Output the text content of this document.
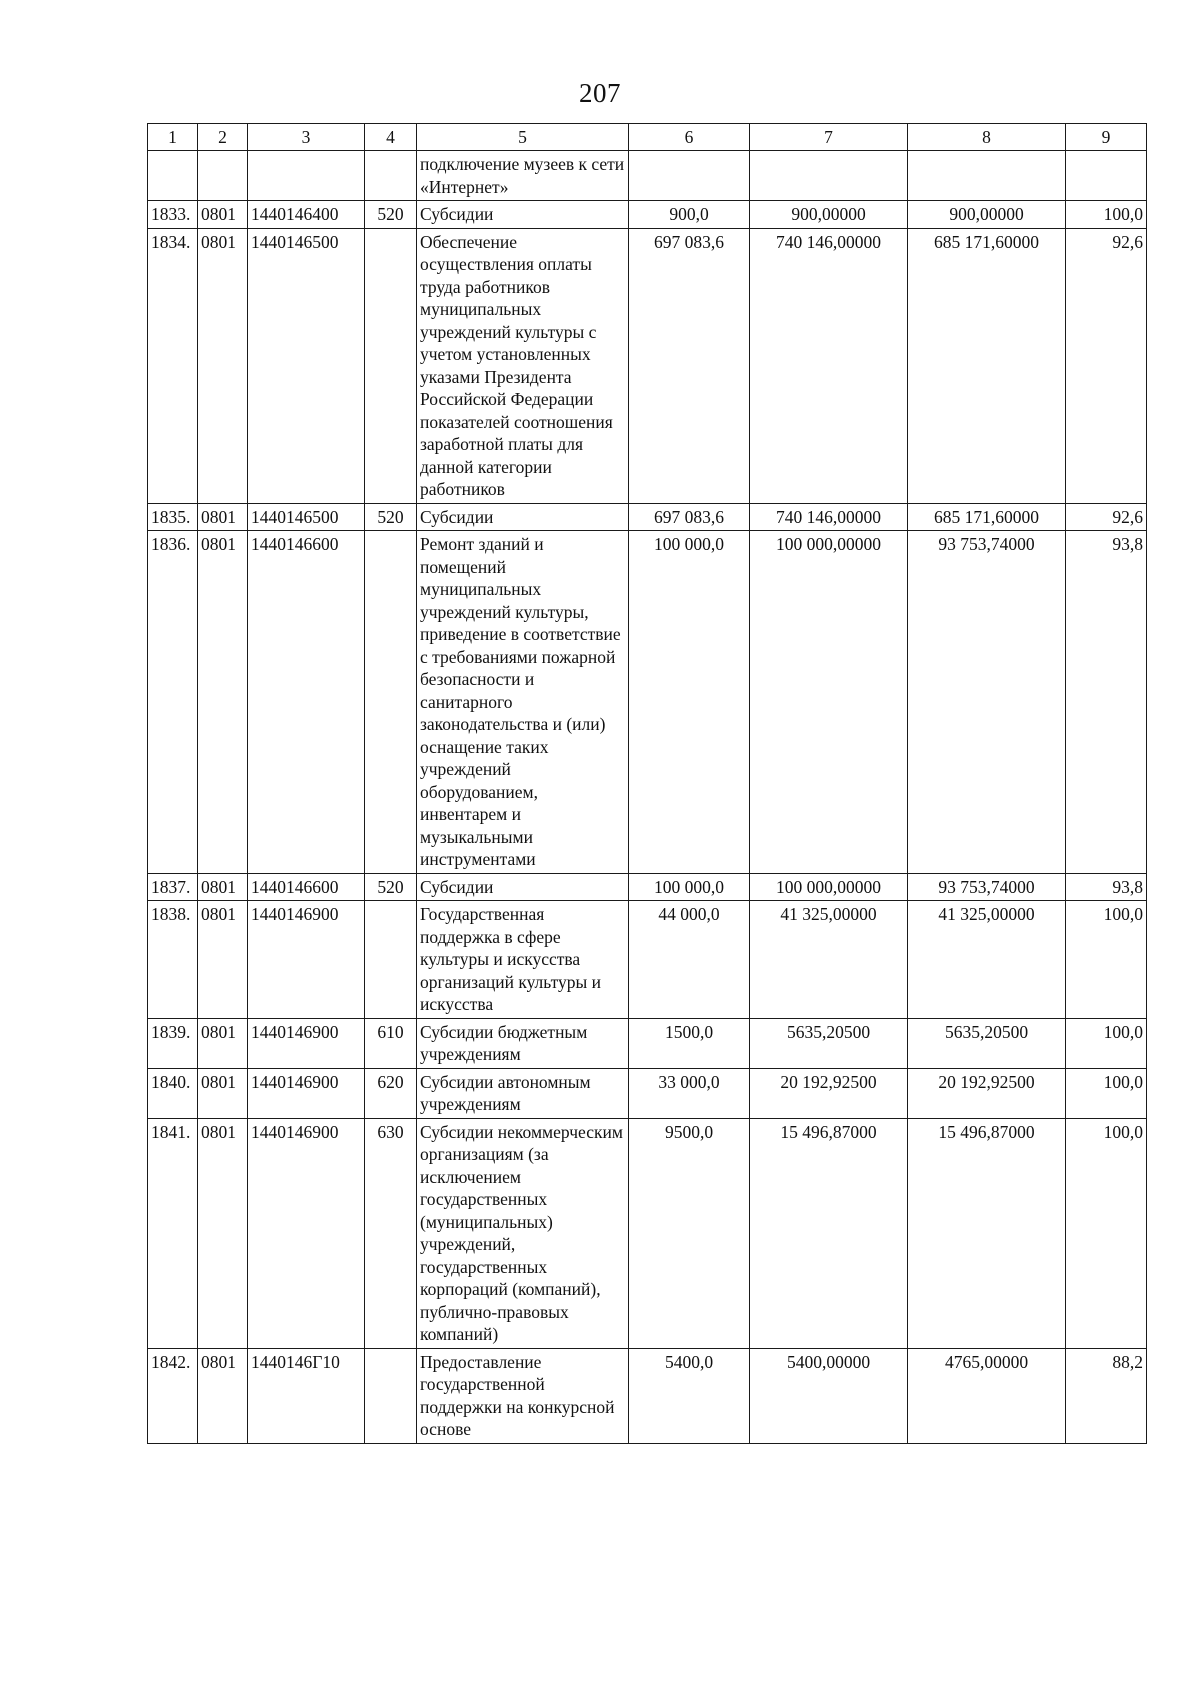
207
1	2	3	4	5	6	7	8	9
				подключение музеев к сети «Интернет»				
1833.	0801	1440146400	520	Субсидии	900,0	900,00000	900,00000	100,0
1834.	0801	1440146500		Обеспечение осуществления оплаты труда работников муниципальных учреждений культуры с учетом установленных указами Президента Российской Федерации показателей соотношения заработной платы для данной категории работников	697 083,6	740 146,00000	685 171,60000	92,6
1835.	0801	1440146500	520	Субсидии	697 083,6	740 146,00000	685 171,60000	92,6
1836.	0801	1440146600		Ремонт зданий и помещений муниципальных учреждений культуры, приведение в соответствие с требованиями пожарной безопасности и санитарного законодательства и (или) оснащение таких учреждений оборудованием, инвентарем и музыкальными инструментами	100 000,0	100 000,00000	93 753,74000	93,8
1837.	0801	1440146600	520	Субсидии	100 000,0	100 000,00000	93 753,74000	93,8
1838.	0801	1440146900		Государственная поддержка в сфере культуры и искусства организаций культуры и искусства	44 000,0	41 325,00000	41 325,00000	100,0
1839.	0801	1440146900	610	Субсидии бюджетным учреждениям	1500,0	5635,20500	5635,20500	100,0
1840.	0801	1440146900	620	Субсидии автономным учреждениям	33 000,0	20 192,92500	20 192,92500	100,0
1841.	0801	1440146900	630	Субсидии некоммерческим организациям (за исключением государственных (муниципальных) учреждений, государственных корпораций (компаний), публично-правовых компаний)	9500,0	15 496,87000	15 496,87000	100,0
1842.	0801	1440146Г10		Предоставление государственной поддержки на конкурсной основе	5400,0	5400,00000	4765,00000	88,2
